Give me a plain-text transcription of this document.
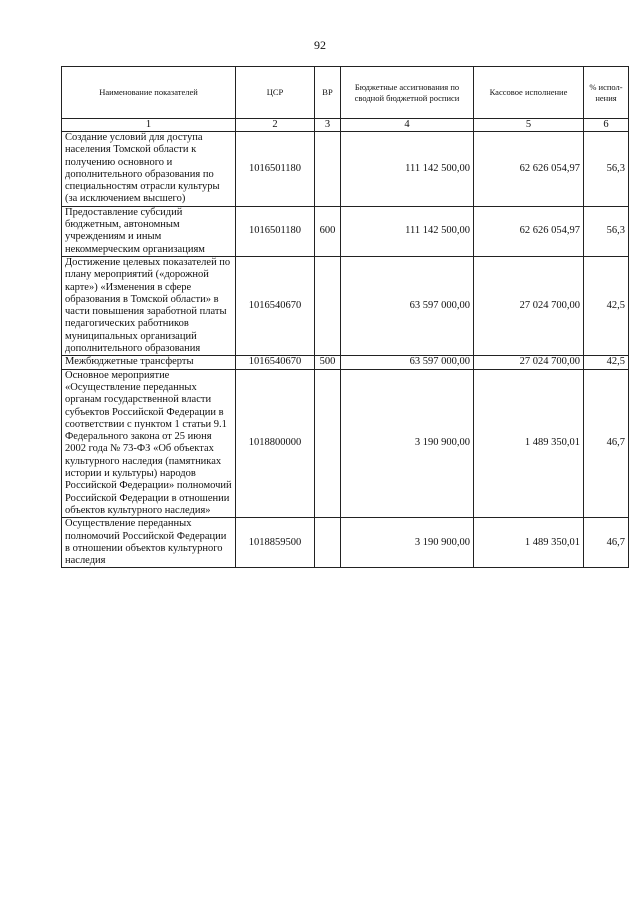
92
Наименование показателей	ЦСР	ВР	Бюджетные ассигнования по сводной бюджетной росписи	Кассовое исполнение	% испол-нения
1	2	3	4	5	6
Создание условий для доступа населения Томской области к получению основного и дополнительного образования по специальностям отрасли культуры (за исключением высшего)	1016501180		111 142 500,00	62 626 054,97	56,3
Предоставление субсидий бюджетным, автономным учреждениям и иным некоммерческим организациям	1016501180	600	111 142 500,00	62 626 054,97	56,3
Достижение целевых показателей по плану мероприятий («дорожной карте») «Изменения в сфере образования в Томской области» в части повышения заработной платы педагогических работников муниципальных организаций дополнительного образования	1016540670		63 597 000,00	27 024 700,00	42,5
Межбюджетные трансферты	1016540670	500	63 597 000,00	27 024 700,00	42,5
Основное мероприятие «Осуществление переданных органам государственной власти субъектов Российской Федерации в соответствии с пунктом 1 статьи 9.1 Федерального закона от 25 июня 2002 года № 73-ФЗ «Об объектах культурного наследия (памятниках истории и культуры) народов Российской Федерации» полномочий Российской Федерации в отношении объектов культурного наследия»	1018800000		3 190 900,00	1 489 350,01	46,7
Осуществление переданных полномочий Российской Федерации в отношении объектов культурного наследия	1018859500		3 190 900,00	1 489 350,01	46,7
